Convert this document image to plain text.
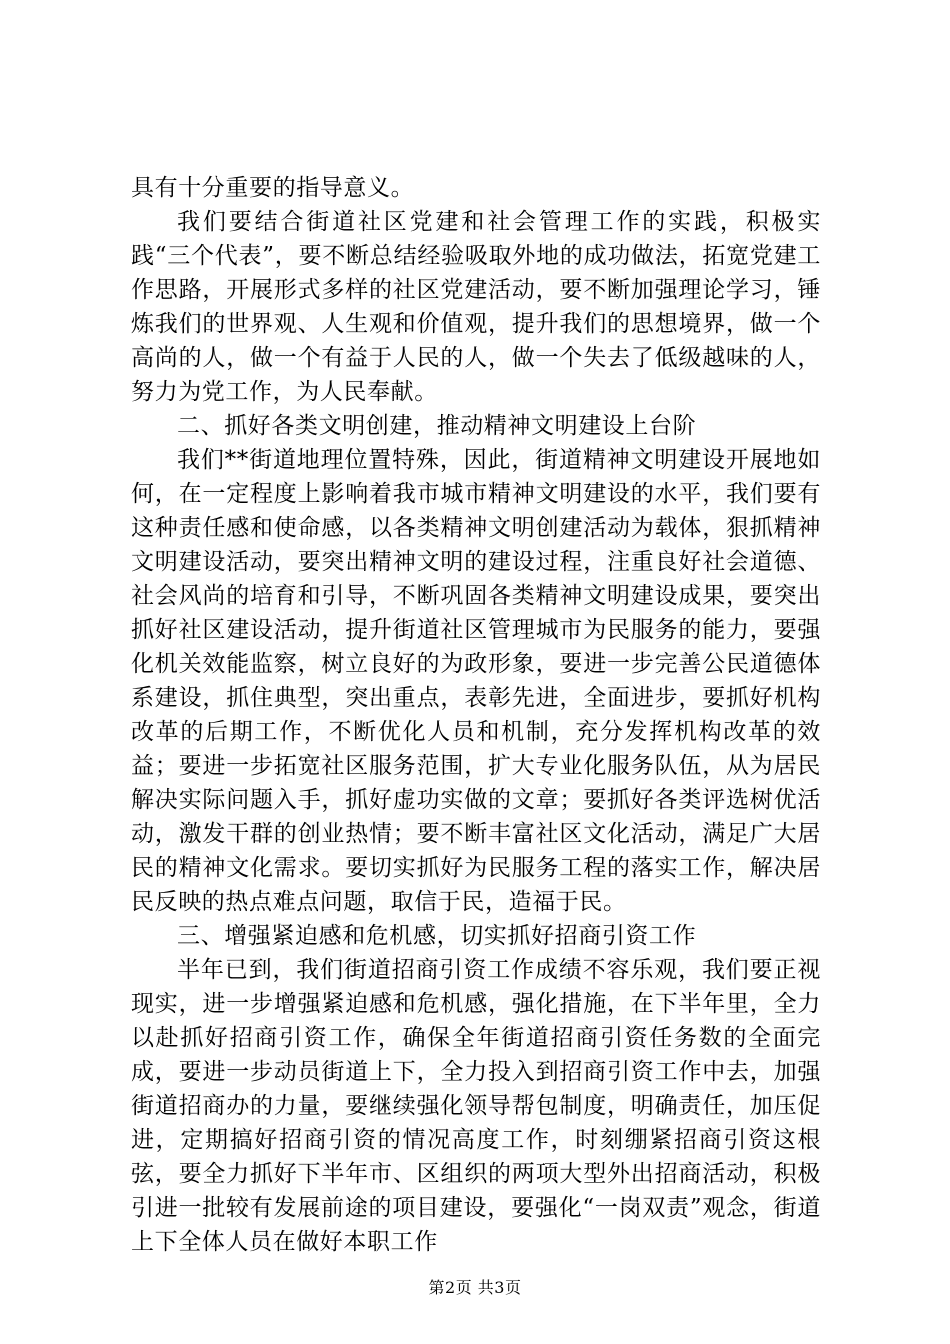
具有十分重要的指导意义。

我们要结合街道社区党建和社会管理工作的实践，积极实践“三个代表”，要不断总结经验吸取外地的成功做法，拓宽党建工作思路，开展形式多样的社区党建活动，要不断加强理论学习，锤炼我们的世界观、人生观和价值观，提升我们的思想境界，做一个高尚的人，做一个有益于人民的人，做一个失去了低级越味的人，努力为党工作，为人民奉献。

二、抓好各类文明创建，推动精神文明建设上台阶

我们**街道地理位置特殊，因此，街道精神文明建设开展地如何，在一定程度上影响着我市城市精神文明建设的水平，我们要有这种责任感和使命感，以各类精神文明创建活动为载体，狠抓精神文明建设活动，要突出精神文明的建设过程，注重良好社会道德、社会风尚的培育和引导，不断巩固各类精神文明建设成果，要突出抓好社区建设活动，提升街道社区管理城市为民服务的能力，要强化机关效能监察，树立良好的为政形象，要进一步完善公民道德体系建设，抓住典型，突出重点，表彰先进，全面进步，要抓好机构改革的后期工作，不断优化人员和机制，充分发挥机构改革的效益；要进一步拓宽社区服务范围，扩大专业化服务队伍，从为居民解决实际问题入手，抓好虚功实做的文章；要抓好各类评选树优活动，激发干群的创业热情；要不断丰富社区文化活动，满足广大居民的精神文化需求。要切实抓好为民服务工程的落实工作，解决居民反映的热点难点问题，取信于民，造福于民。

三、增强紧迫感和危机感，切实抓好招商引资工作

半年已到，我们街道招商引资工作成绩不容乐观，我们要正视现实，进一步增强紧迫感和危机感，强化措施，在下半年里，全力以赴抓好招商引资工作，确保全年街道招商引资任务数的全面完成，要进一步动员街道上下，全力投入到招商引资工作中去，加强街道招商办的力量，要继续强化领导帮包制度，明确责任，加压促进，定期搞好招商引资的情况高度工作，时刻绷紧招商引资这根弦，要全力抓好下半年市、区组织的两项大型外出招商活动，积极引进一批较有发展前途的项目建设，要强化“一岗双责”观念，街道上下全体人员在做好本职工作

第2页 共3页
